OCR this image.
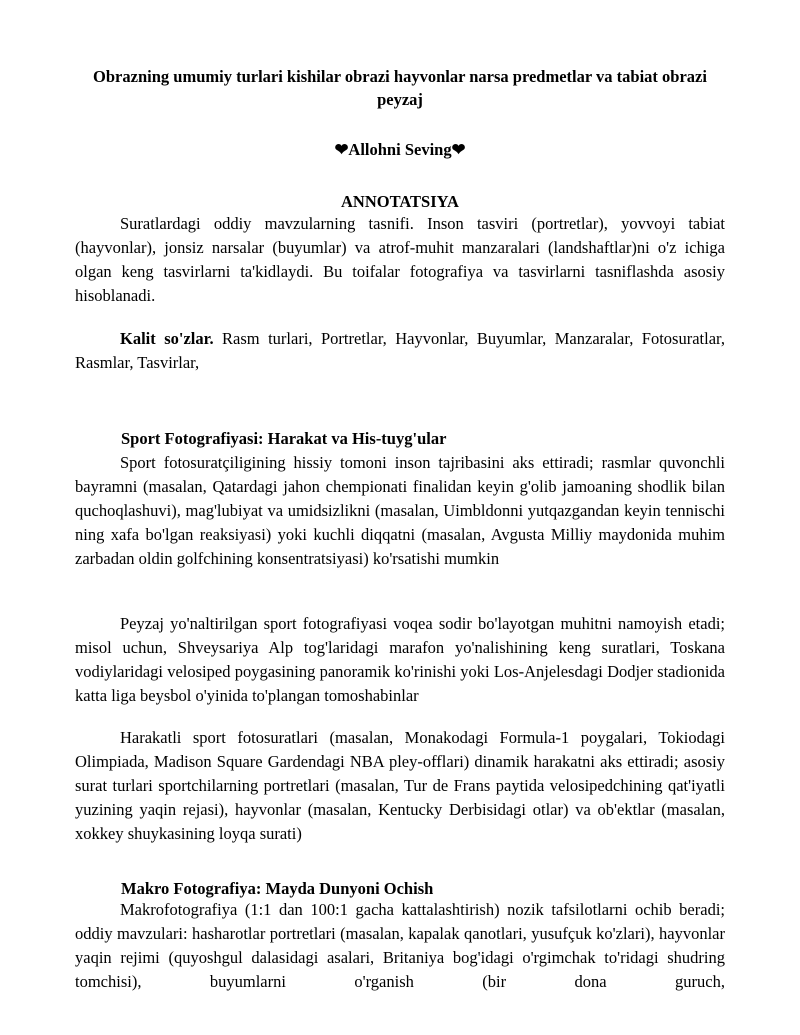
Obrazning umumiy turlari kishilar obrazi hayvonlar narsa predmetlar va tabiat obrazi peyzaj
❤Allohni Seving❤
ANNOTATSIYA

Suratlardagi oddiy mavzularning tasnifi. Inson tasviri (portretlar), yovvoyi tabiat (hayvonlar), jonsiz narsalar (buyumlar) va atrof-muhit manzaralari (landshaftlar)ni o'z ichiga olgan keng tasvirlarni ta'kidlaydi. Bu toifalar fotografiya va tasvirlarni tasniflashda asosiy hisoblanadi.

Kalit so'zlar. Rasm turlari, Portretlar, Hayvonlar, Buyumlar, Manzaralar, Fotosuratlar, Rasmlar, Tasvirlar,

Sport Fotografiyasi: Harakat va His-tuyg'ular

Sport fotosuratçiligining hissiy tomoni inson tajribasini aks ettiradi; rasmlar quvonchli bayramni (masalan, Qatardagi jahon chempionati finalidan keyin g'olib jamoaning shodlik bilan quchoqlashuvi), mag'lubiyat va umidsizlikni (masalan, Uimbldonni yutqazgandan keyin tennischi ning xafa bo'lgan reaksiyasi) yoki kuchli diqqatni (masalan, Avgusta Milliy maydonida muhim zarbadan oldin golfchining konsentratsiyasi) ko'rsatishi mumkin

Peyzaj yo'naltirilgan sport fotografiyasi voqea sodir bo'layotgan muhitni namoyish etadi; misol uchun, Shveysariya Alp tog'laridagi marafon yo'nalishining keng suratlari, Toskana vodiylaridagi velosiped poygasining panoramik ko'rinishi yoki Los-Anjelesdagi Dodjer stadionida katta liga beysbol o'yinida to'plangan tomoshabinlar

Harakatli sport fotosuratlari (masalan, Monakodagi Formula-1 poygalari, Tokiodagi Olimpiada, Madison Square Gardendagi NBA pley-offlari) dinamik harakatni aks ettiradi; asosiy surat turlari sportchilarning portretlari (masalan, Tur de Frans paytida velosipedchining qat'iyatli yuzining yaqin rejasi), hayvonlar (masalan, Kentucky Derbisidagi otlar) va ob'ektlar (masalan, xokkey shuykasining loyqa surati)

Makro Fotografiya: Mayda Dunyoni Ochish

Makrofotografiya (1:1 dan 100:1 gacha kattalashtirish) nozik tafsilotlarni ochib beradi; oddiy mavzulari: hasharotlar portretlari (masalan, kapalak qanotlari, yusufçuk ko'zlari), hayvonlar yaqin rejimi (quyoshgul dalasidagi asalari, Britaniya bog'idagi o'rgimchak to'ridagi shudring tomchisi), buyumlarni o'rganish (bir dona guruch,
